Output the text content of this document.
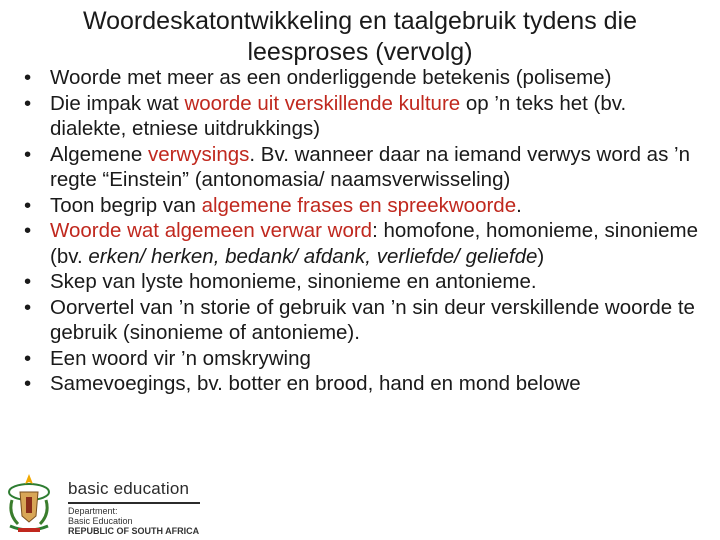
Woordeskatontwikkeling en taalgebruik tydens die
leesproses (vervolg)
• Woorde met meer as een onderliggende betekenis (poliseme)
• Die impak wat woorde uit verskillende kulture op ’n teks het (bv. dialekte, etniese uitdrukkings)
• Algemene verwysings. Bv. wanneer daar na iemand verwys word as ’n regte “Einstein” (antonomasia/ naamsverwisseling)
• Toon begrip van algemene frases en spreekwoorde.
• Woorde wat algemeen verwar word: homofone, homonieme, sinonieme (bv. erken/ herken, bedank/ afdank, verliefde/ geliefde)
• Skep van lyste homonieme, sinonieme en antonieme.
• Oorvertel van ’n storie of gebruik van ’n sin deur verskillende woorde te gebruik (sinonieme of antonieme).
• Een woord vir ’n omskrywing
• Samevoegings, bv. botter en brood, hand en mond belowe
basic education
Department:
Basic Education
REPUBLIC OF SOUTH AFRICA
